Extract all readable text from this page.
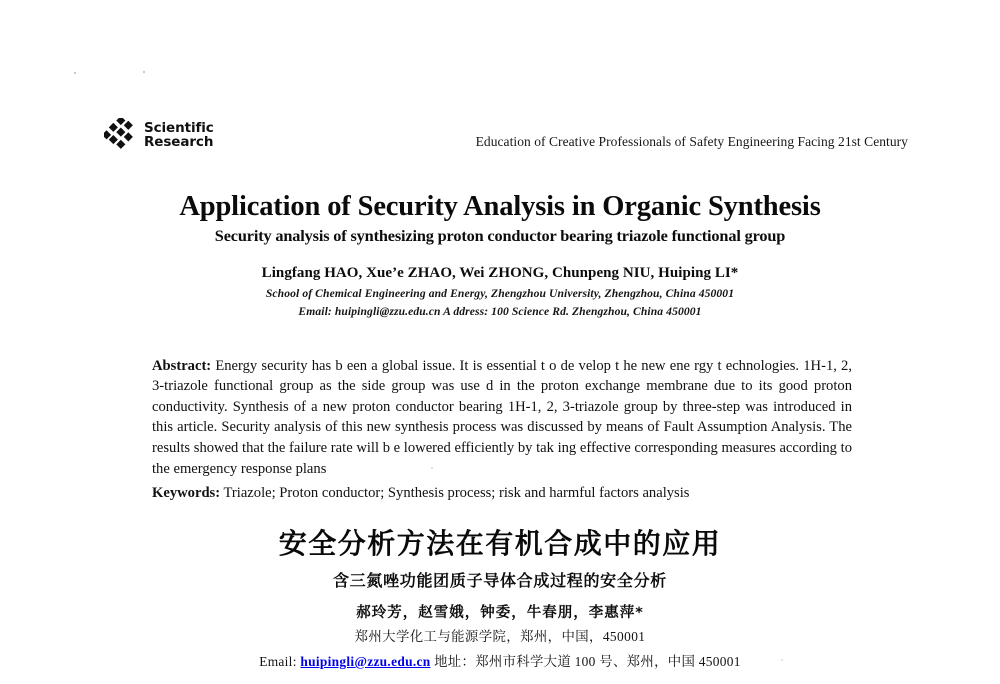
Scientific
Research	Education of Creative Professionals of Safety Engineering Facing 21st Century
Application of Security Analysis in Organic Synthesis
Security analysis of synthesizing proton conductor bearing triazole functional group
Lingfang HAO, Xue’e ZHAO, Wei ZHONG, Chunpeng NIU, Huiping LI*
School of Chemical Engineering and Energy, Zhengzhou University, Zhengzhou, China 450001
Email: huipingli@zzu.edu.cn A ddress: 100 Science Rd. Zhengzhou, China 450001

Abstract: Energy security has b een a global issue. It is essential t o de velop t he new ene rgy t echnologies. 1H-1, 2, 3-triazole functional group as the side group was use d in the proton exchange membrane due to its good proton conductivity. Synthesis of a new proton conductor bearing 1H-1, 2, 3-triazole group by three-step was introduced in this article. Security analysis of this new synthesis process was discussed by means of Fault Assumption Analysis. The results showed that the failure rate will b e lowered efficiently by tak ing effective corresponding measures according to the emergency response plans

Keywords: Triazole; Proton conductor; Synthesis process; risk and harmful factors analysis

安全分析方法在有机合成中的应用
含三氮唑功能团质子导体合成过程的安全分析
郝玲芳，赵雪娥，钟委，牛春朋，李惠萍*
郑州大学化工与能源学院，郑州，中国，450001
Email: huipingli@zzu.edu.cn 地址：郑州市科学大道 100 号、郑州，中国 450001
